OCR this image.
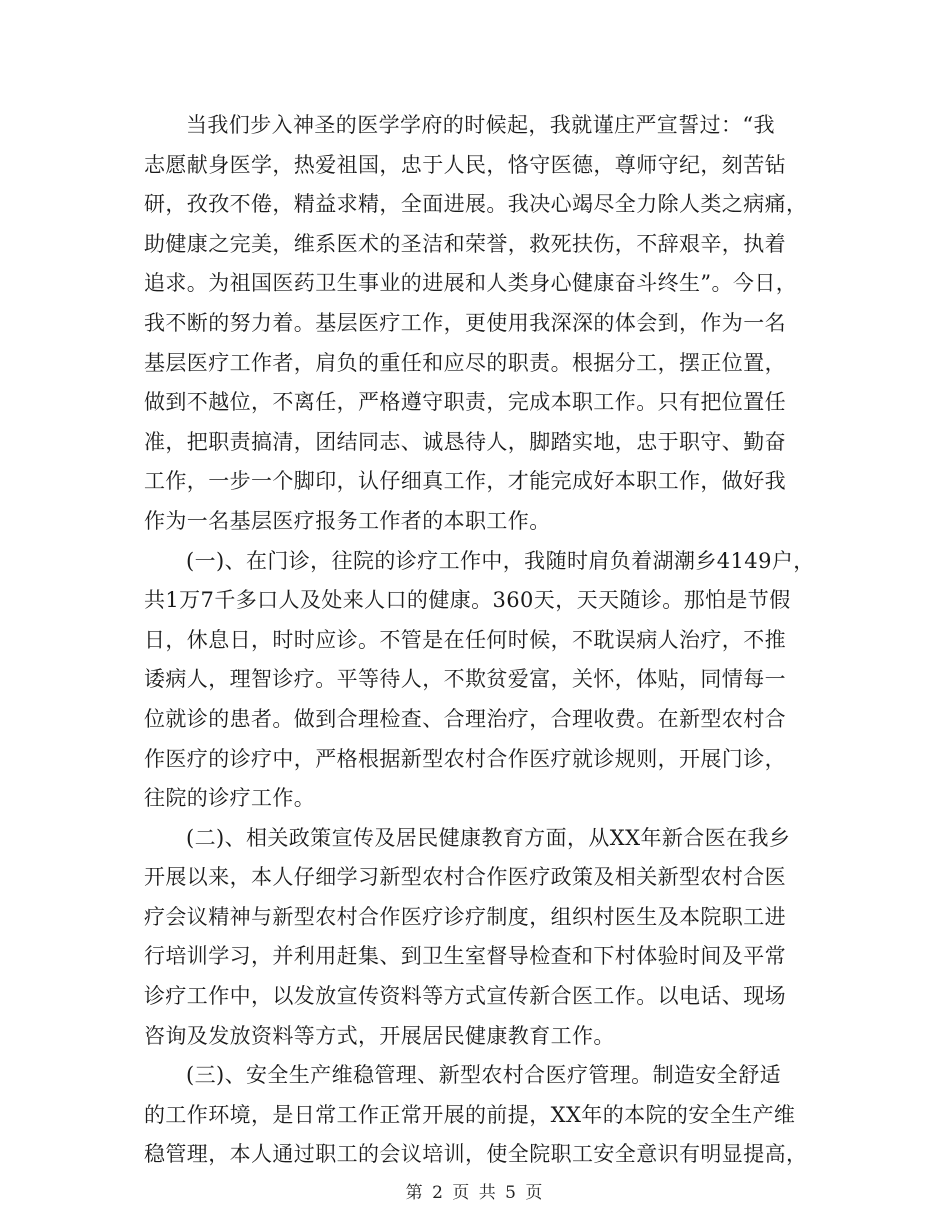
当我们步入神圣的医学学府的时候起，我就谨庄严宣誓过：“我
志愿献身医学，热爱祖国，忠于人民，恪守医德，尊师守纪，刻苦钻
研，孜孜不倦，精益求精，全面进展。我决心竭尽全力除人类之病痛，
助健康之完美，维系医术的圣洁和荣誉，救死扶伤，不辞艰辛，执着
追求。为祖国医药卫生事业的进展和人类身心健康奋斗终生”。今日，
我不断的努力着。基层医疗工作，更使用我深深的体会到，作为一名
基层医疗工作者，肩负的重任和应尽的职责。根据分工，摆正位置，
做到不越位，不离任，严格遵守职责，完成本职工作。只有把位置任
准，把职责搞清，团结同志、诚恳待人，脚踏实地，忠于职守、勤奋
工作，一步一个脚印，认仔细真工作，才能完成好本职工作，做好我
作为一名基层医疗报务工作者的本职工作。
(一)、在门诊，往院的诊疗工作中，我随时肩负着湖潮乡4149户，
共1万7千多口人及处来人口的健康。360天，天天随诊。那怕是节假
日，休息日，时时应诊。不管是在任何时候，不耽误病人治疗，不推
诿病人，理智诊疗。平等待人，不欺贫爱富，关怀，体贴，同情每一
位就诊的患者。做到合理检查、合理治疗，合理收费。在新型农村合
作医疗的诊疗中，严格根据新型农村合作医疗就诊规则，开展门诊，
往院的诊疗工作。
(二)、相关政策宣传及居民健康教育方面，从XX年新合医在我乡
开展以来，本人仔细学习新型农村合作医疗政策及相关新型农村合医
疗会议精神与新型农村合作医疗诊疗制度，组织村医生及本院职工进
行培训学习，并利用赶集、到卫生室督导检查和下村体验时间及平常
诊疗工作中，以发放宣传资料等方式宣传新合医工作。以电话、现场
咨询及发放资料等方式，开展居民健康教育工作。
(三)、安全生产维稳管理、新型农村合医疗管理。制造安全舒适
的工作环境，是日常工作正常开展的前提，XX年的本院的安全生产维
稳管理，本人通过职工的会议培训，使全院职工安全意识有明显提高，
第 2 页 共 5 页
